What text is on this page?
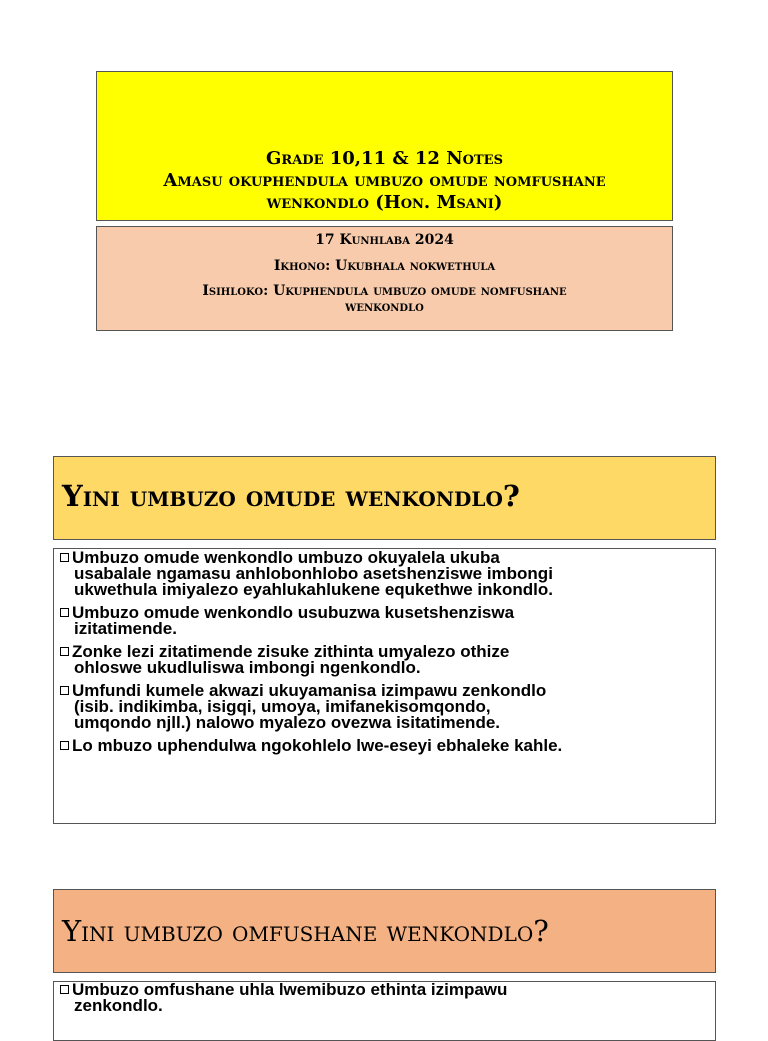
Grade 10,11 & 12 Notes
Amasu okuphendula umbuzo omude nomfushane
wenkondlo (Hon. Msani)
17 Kunhlaba 2024
Ikhono: Ukubhala nokwethula
Isihloko: Ukuphendula umbuzo omude nomfushane
wenkondlo
Yini umbuzo omude wenkondlo?
Umbuzo omude wenkondlo umbuzo okuyalela ukuba
usabalale ngamasu anhlobonhlobo asetshenziswe imbongi
ukwethula imiyalezo eyahlukahlukene equkethwe inkondlo.
Umbuzo omude wenkondlo usubuzwa kusetshenziswa
izitatimende.
Zonke lezi zitatimende zisuke zithinta umyalezo othize
ohloswe ukudluliswa imbongi ngenkondlo.
Umfundi kumele akwazi ukuyamanisa izimpawu zenkondlo
(isib. indikimba, isigqi, umoya, imifanekisomqondo,
umqondo njll.) nalowo myalezo ovezwa isitatimende.
Lo mbuzo uphendulwa ngokohlelo lwe-eseyi ebhaleke kahle.
Yini umbuzo omfushane wenkondlo?
Umbuzo omfushane uhla lwemibuzo ethinta izimpawu
zenkondlo.
